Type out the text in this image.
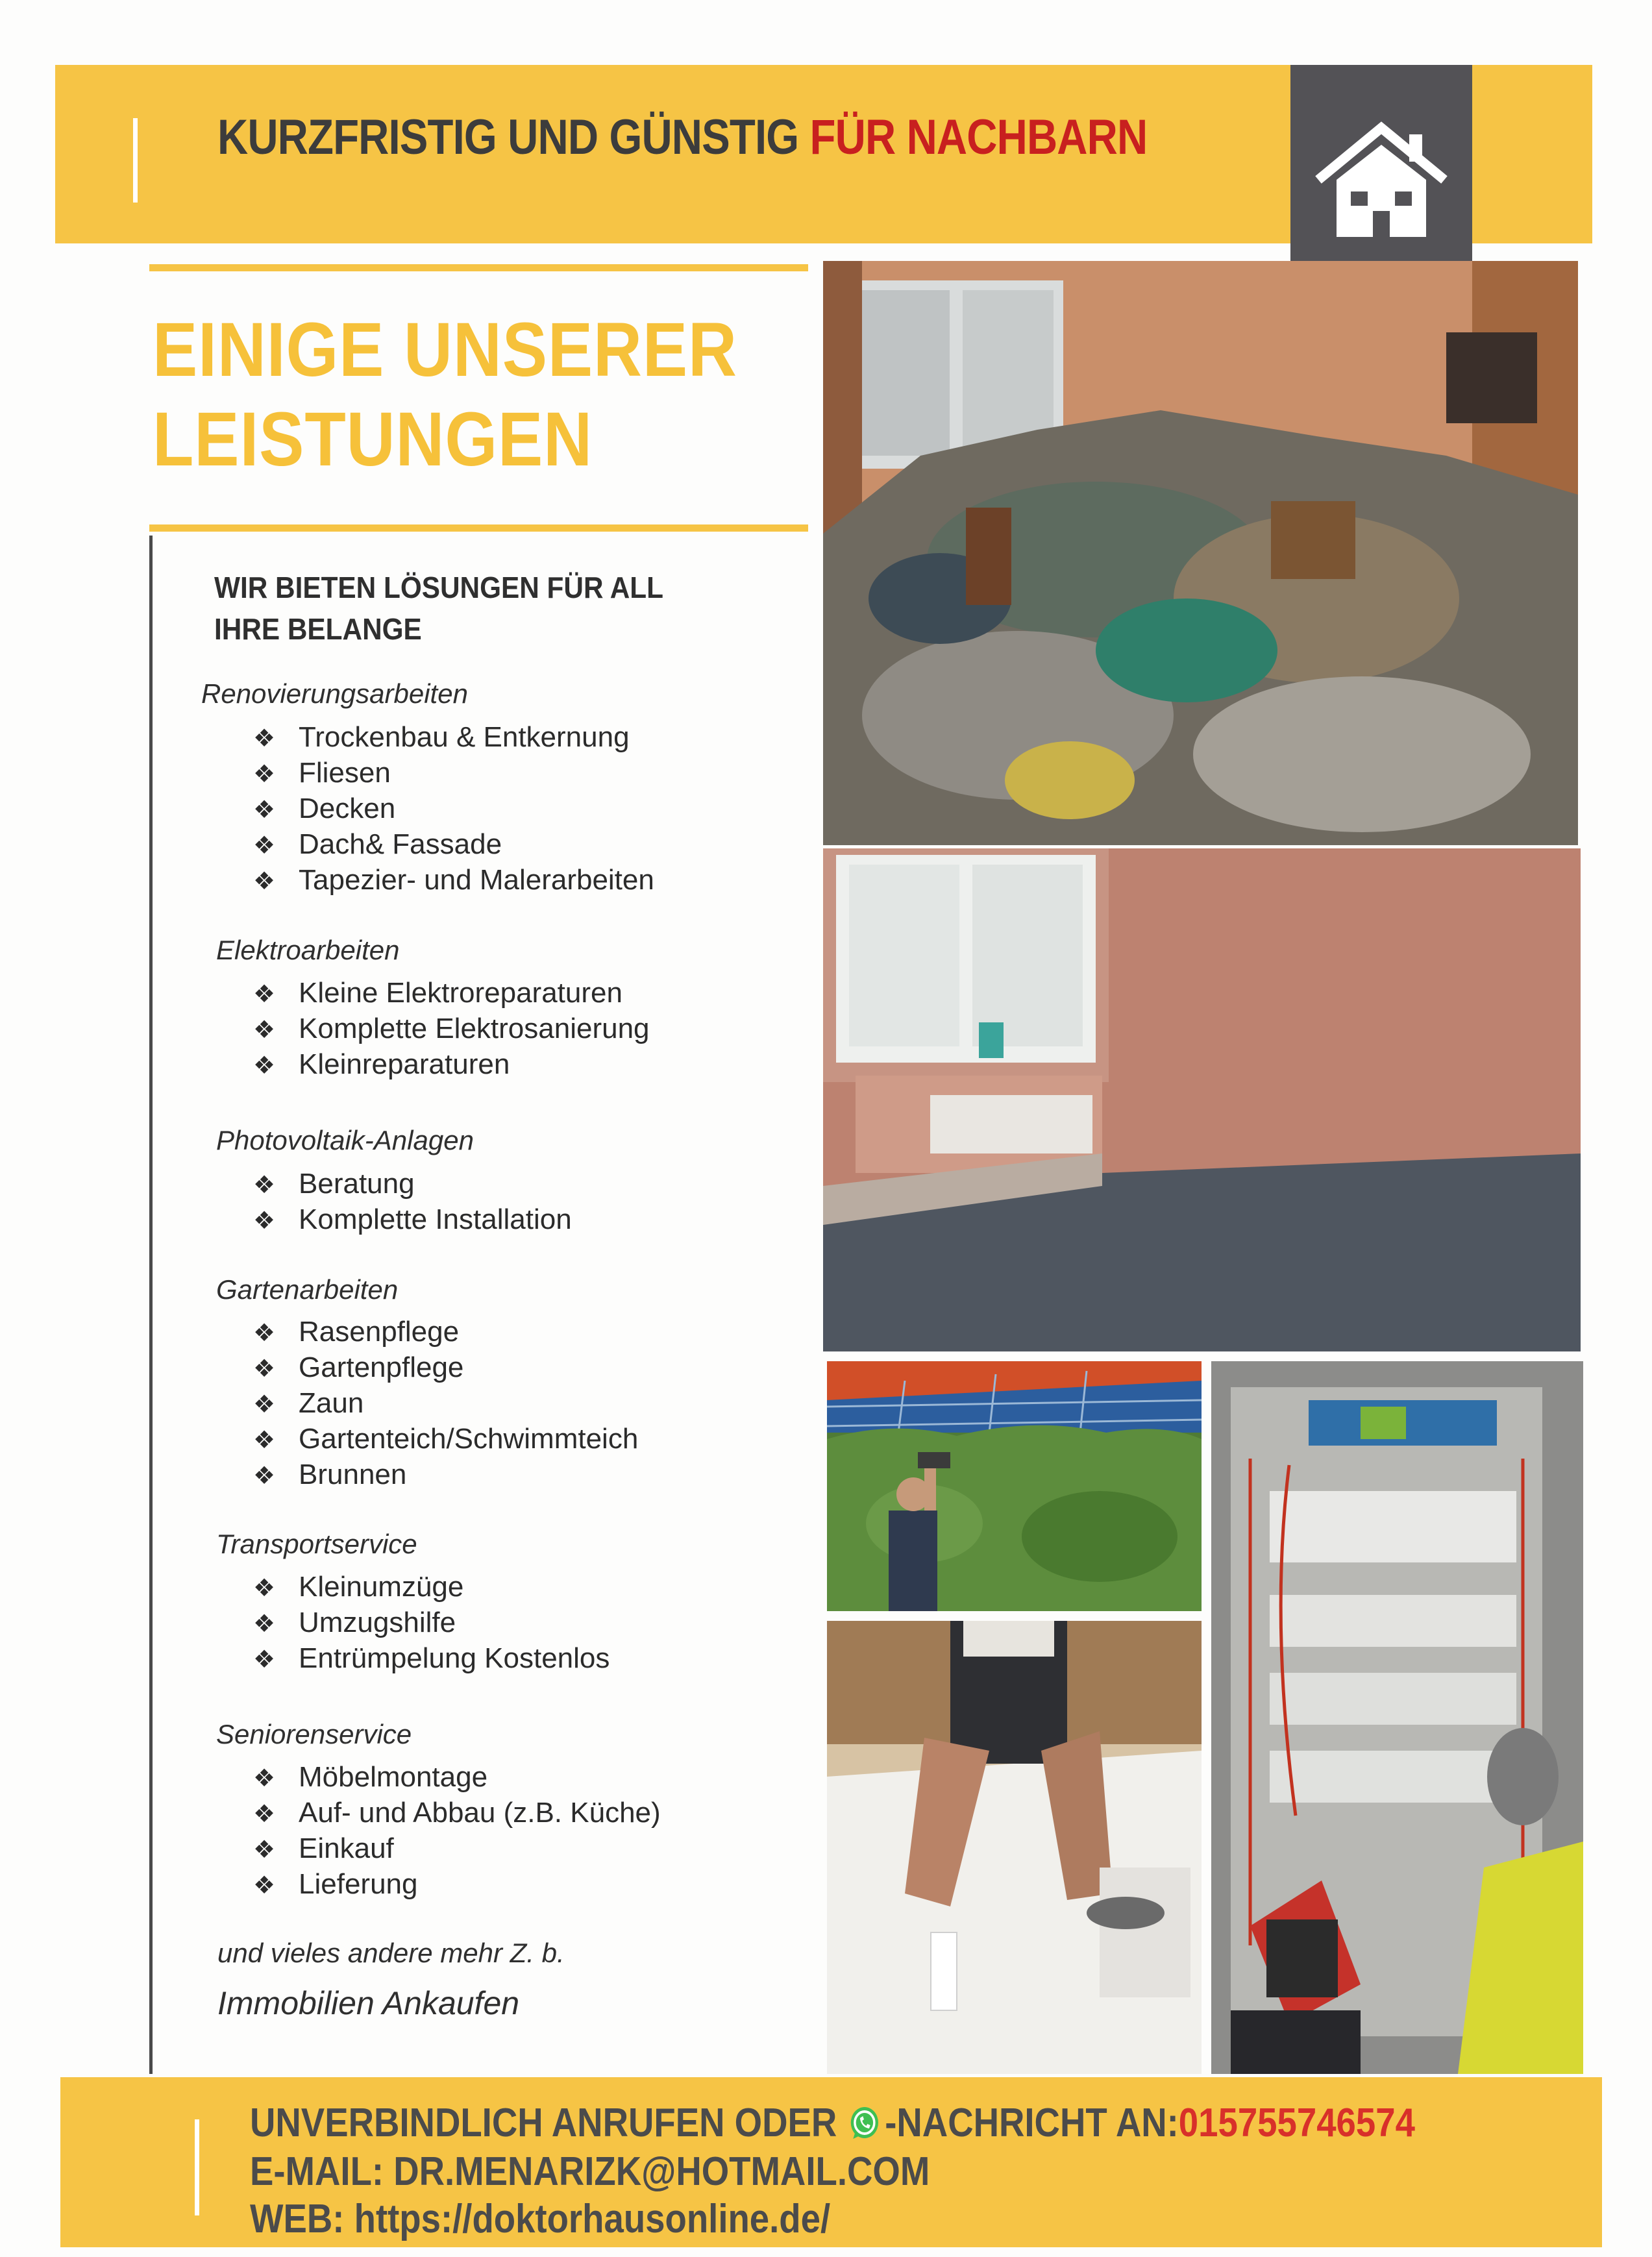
KURZFRISTIG UND GÜNSTIG FÜR NACHBARN
EINIGE UNSERER
LEISTUNGEN
WIR BIETEN LÖSUNGEN FÜR ALL
IHRE BELANGE
Renovierungsarbeiten
❖ Trockenbau & Entkernung
❖ Fliesen
❖ Decken
❖ Dach& Fassade
❖ Tapezier- und Malerarbeiten
Elektroarbeiten
❖ Kleine Elektroreparaturen
❖ Komplette Elektrosanierung
❖ Kleinreparaturen
Photovoltaik-Anlagen
❖ Beratung
❖ Komplette Installation
Gartenarbeiten
❖ Rasenpflege
❖ Gartenpflege
❖ Zaun
❖ Gartenteich/Schwimmteich
❖ Brunnen
Transportservice
❖ Kleinumzüge
❖ Umzugshilfe
❖ Entrümpelung Kostenlos
Seniorenservice
❖ Möbelmontage
❖ Auf- und Abbau (z.B. Küche)
❖ Einkauf
❖ Lieferung
und vieles andere mehr Z. b.
Immobilien Ankaufen
UNVERBINDLICH ANRUFEN ODER -NACHRICHT AN:015755746574
E-MAIL: DR.MENARIZK@HOTMAIL.COM
WEB: https://doktorhausonline.de/
